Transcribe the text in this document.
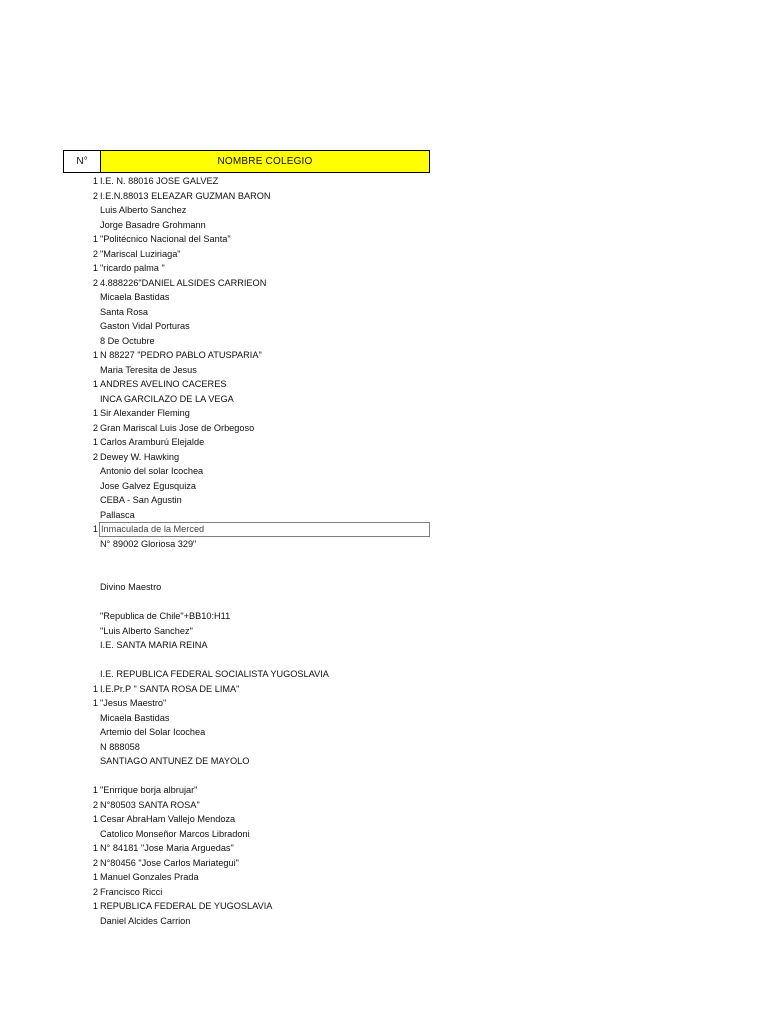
N°	NOMBRE COLEGIO
1 I.E. N. 88016 JOSE GALVEZ
2 I.E.N.88013 ELEAZAR GUZMAN BARON
Luis Alberto Sanchez
Jorge Basadre Grohmann
1 "Politécnico Nacional del Santa"
2 "Mariscal Luziriaga"
1 "ricardo palma "
2 4.888226"DANIEL ALSIDES CARRIEON
Micaela Bastidas
Santa Rosa
Gaston Vidal Porturas
8 De Octubre
1 N 88227 "PEDRO PABLO ATUSPARIA"
Maria Teresita de Jesus
1 ANDRES AVELINO CACERES
INCA GARCILAZO DE LA VEGA
1 Sir Alexander Fleming
2 Gran Mariscal Luis Jose de Orbegoso
1 Carlos Aramburú Elejalde
2 Dewey W. Hawking
Antonio del solar Icochea
Jose Galvez Egusquiza
CEBA - San Agustin
Pallasca
1 Inmaculada de la Merced
N° 89002 Gloriosa 329"
Divino Maestro
"Republica de Chile"+BB10:H11
"Luis Alberto Sanchez"
I.E. SANTA MARIA REINA
I.E. REPUBLICA FEDERAL SOCIALISTA YUGOSLAVIA
1 I.E.Pr.P " SANTA ROSA DE LIMA"
1 "Jesus Maestro"
Micaela Bastidas
Artemio del Solar Icochea
N 888058
SANTIAGO ANTUNEZ DE MAYOLO
1 "Enrrique borja albrujar"
2 N°80503 SANTA ROSA"
1 Cesar AbraHam Vallejo Mendoza
Catolico Monseñor Marcos Libradoni
1 N° 84181 "Jose Maria Arguedas"
2 N°80456 "Jose Carlos Mariategui"
1 Manuel Gonzales Prada
2 Francisco Ricci
1 REPUBLICA FEDERAL DE YUGOSLAVIA
Daniel Alcides Carrion
